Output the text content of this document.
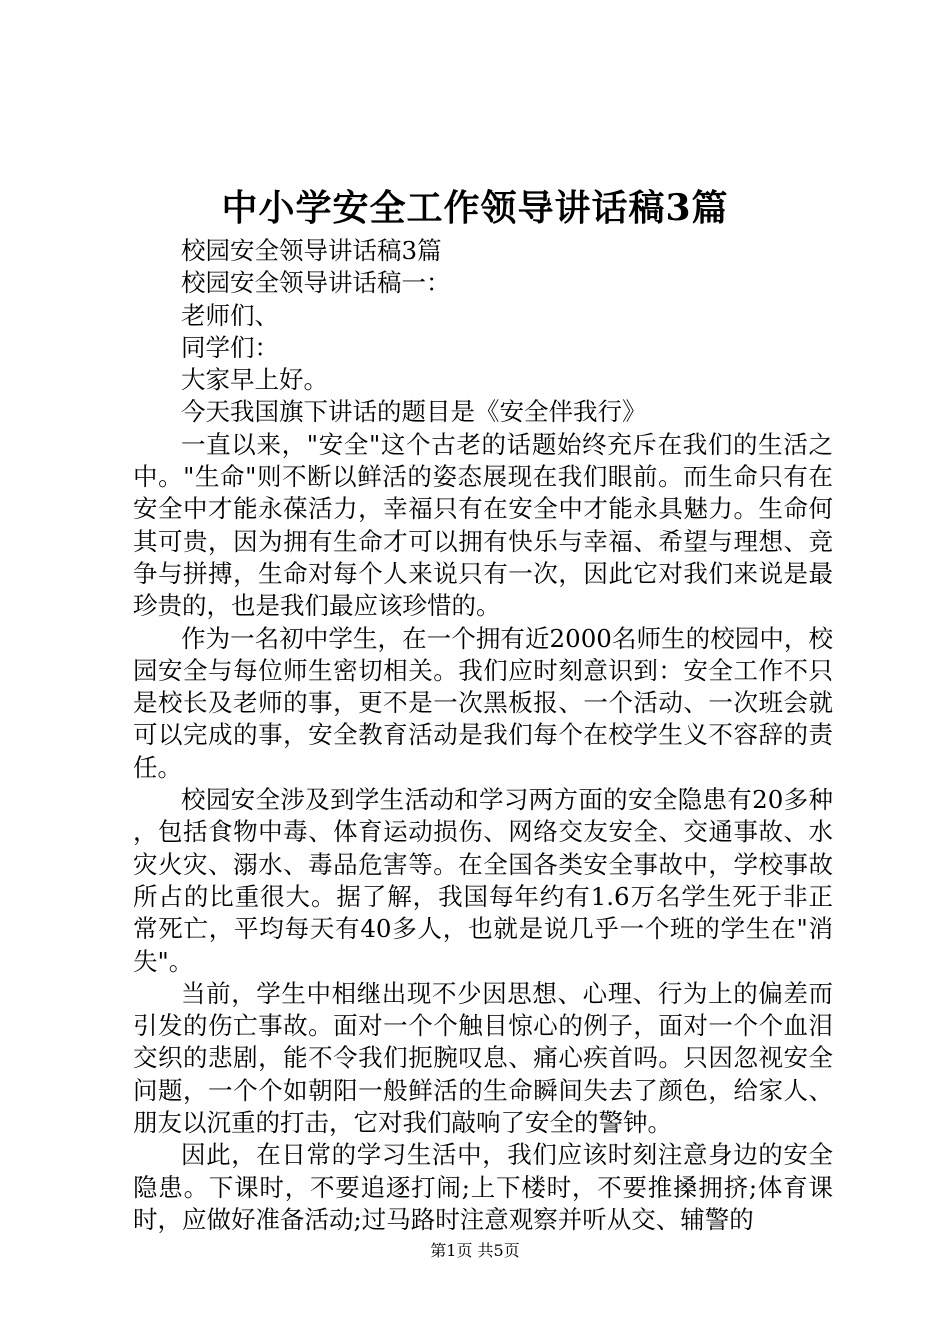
中小学安全工作领导讲话稿3篇

校园安全领导讲话稿3篇

校园安全领导讲话稿一：

老师们、

同学们：

大家早上好。

今天我国旗下讲话的题目是《安全伴我行》

一直以来，"安全"这个古老的话题始终充斥在我们的生活之中。"生命"则不断以鲜活的姿态展现在我们眼前。而生命只有在安全中才能永葆活力，幸福只有在安全中才能永具魅力。生命何其可贵，因为拥有生命才可以拥有快乐与幸福、希望与理想、竞争与拼搏，生命对每个人来说只有一次，因此它对我们来说是最珍贵的，也是我们最应该珍惜的。

作为一名初中学生，在一个拥有近2000名师生的校园中，校园安全与每位师生密切相关。我们应时刻意识到：安全工作不只是校长及老师的事，更不是一次黑板报、一个活动、一次班会就可以完成的事，安全教育活动是我们每个在校学生义不容辞的责任。

校园安全涉及到学生活动和学习两方面的安全隐患有20多种，包括食物中毒、体育运动损伤、网络交友安全、交通事故、水灾火灾、溺水、毒品危害等。在全国各类安全事故中，学校事故所占的比重很大。据了解，我国每年约有1.6万名学生死于非正常死亡，平均每天有40多人，也就是说几乎一个班的学生在"消失"。

当前，学生中相继出现不少因思想、心理、行为上的偏差而引发的伤亡事故。面对一个个触目惊心的例子，面对一个个血泪交织的悲剧，能不令我们扼腕叹息、痛心疾首吗。只因忽视安全问题，一个个如朝阳一般鲜活的生命瞬间失去了颜色，给家人、朋友以沉重的打击，它对我们敲响了安全的警钟。

因此，在日常的学习生活中，我们应该时刻注意身边的安全隐患。下课时，不要追逐打闹;上下楼时，不要推搡拥挤;体育课时，应做好准备活动;过马路时注意观察并听从交、辅警的

第1页 共5页
